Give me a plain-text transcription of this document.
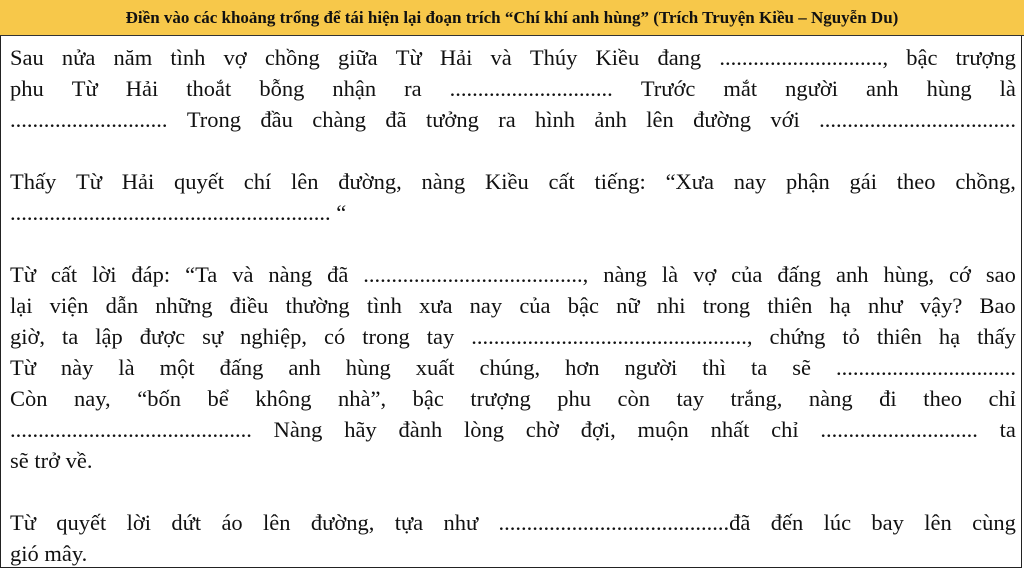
Điền vào các khoảng trống để tái hiện lại đoạn trích “Chí khí anh hùng” (Trích Truyện Kiều – Nguyễn Du)
Sau nửa năm tình vợ chồng giữa Từ Hải và Thúy Kiều đang ............................., bậc trượng
phu Từ Hải thoắt bỗng nhận ra ............................. Trước mắt người anh hùng là
............................ Trong đầu chàng đã tưởng ra hình ảnh lên đường với ...................................
Thấy Từ Hải quyết chí lên đường, nàng Kiều cất tiếng: “Xưa nay phận gái theo chồng,
......................................................... “
Từ cất lời đáp: “Ta và nàng đã ......................................., nàng là vợ của đấng anh hùng, cớ sao
lại viện dẫn những điều thường tình xưa nay của bậc nữ nhi trong thiên hạ như vậy? Bao
giờ, ta lập được sự nghiệp, có trong tay ................................................., chứng tỏ thiên hạ thấy
Từ này là một đấng anh hùng xuất chúng, hơn người thì ta sẽ ................................
Còn nay, “bốn bể không nhà”, bậc trượng phu còn tay trắng, nàng đi theo chỉ
........................................... Nàng hãy đành lòng chờ đợi, muộn nhất chỉ ............................ ta
sẽ trở về.
Từ quyết lời dứt áo lên đường, tựa như .........................................đã đến lúc bay lên cùng
gió mây.
